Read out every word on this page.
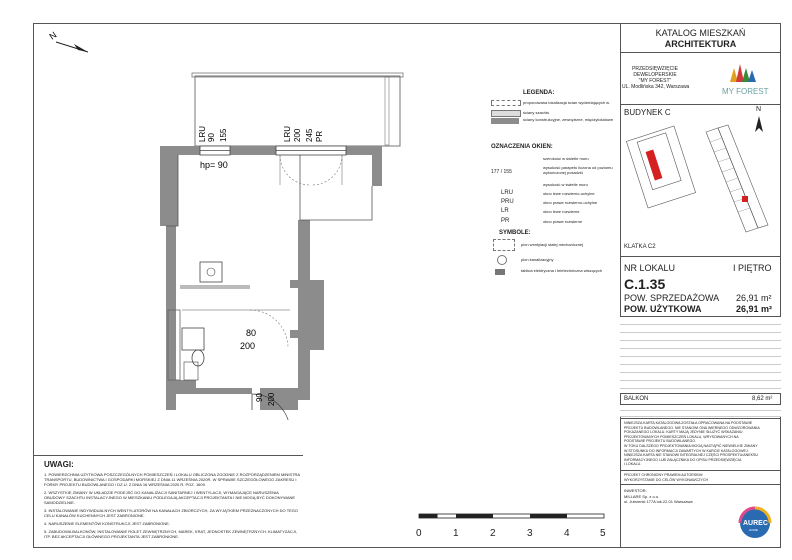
N
LRU 90 155
hp= 90
LRU 200 245 PR
80
200
90 200
LEGENDA:
proponowana lokalizacja ścian wydzielających w.
ściany szachtu
ściany konstrukcyjne, zewnętrzne, międzylokalowe
OZNACZENIA OKIEN:
szerokość w świetle muru
wysokość parapetu liczona od poziomu wykończonej posadzki
177 / 155
wysokość w świetle muru
LRU	okno lewe rozwierno-uchylne
PRU	okno prawe rozwierno-uchylne
LR	okno lewe rozwierne
PR	okno prawe rozwierne
SYMBOLE:
pion wentylacji stałej mechanicznej
pion kanalizacyjny
tablica elektryczna i teletechniczna wiszących
0	1	2	3	4	5
UWAGI:
1. POWIERZCHNIA UŻYTKOWA POSZCZEGÓLNYCH POMIESZCZEŃ I LOKALU OBLICZONA ZGODNIE Z ROZPORZĄDZENIEM MINISTRA TRANSPORTU, BUDOWNICTWA I GOSPODARKI MORSKIEJ Z DNIA 11 WRZEŚNIA 2020R. W SPRAWIE SZCZEGÓŁOWEGO ZAKRESU I FORMY PROJEKTU BUDOWLANEGO / DZ.U. Z DNIA 16 WRZEŚNIA 2020 R. POZ. 1609.
2. WSZYSTKIE ZMIANY W UKŁADZIE PODEJŚĆ DO KANALIZACJI SANITARNEJ I WENTYLACJI, WYMAGAJĄCE NARUSZENIA OBUDOWY SZACHTU INSTALACYJNEGO W MIESZKANIU PODLEGAJĄ AKCEPTACJI PROJEKTANTA I NIE MOGĄ BYĆ DOKONYWANE SAMODZIELNIE.
3. INSTALOWANIE INDYWIDUALNYCH WENTYLATORÓW NA KANAŁACH ZBIORCZYCH, ZA WYJĄTKIEM PRZEZNACZONYCH DO TEGO CELU KANAŁÓW KUCHENNYCH JEST ZABRONIONE.
4. NARUSZENIE ELEMENTÓW KONSTRUKCJI JEST ZABRONIONE.
5. ZABUDOWA BALKONÓW, INSTALOWANIE ROLET ZEWNĘTRZNYCH, MAREK, KRAT, JEDNOSTEK ZEWNĘTRZNYCH, KLIMATYZACJI, ITP. BEZ AKCEPTACJI GŁÓWNEGO PROJEKTANTA JEST ZABRONIONE.
KATALOG MIESZKAŃ
ARCHITEKTURA
PRZEDSIĘWZIĘCIE
DEWELOPERSKIE
"MY FOREST"
UL. Modlińska 342, Warszawa	MY FOREST
BUDYNEK C	N
KLATKA C2
NR LOKALU	I PIĘTRO
C.1.35
POW. SPRZEDAŻOWA 26,91 m²
POW. UŻYTKOWA	26,91 m²
BALKON	8,62 m²
NINIEJSZA KARTA KATALOGOWA ZOSTAŁA OPRACOWANA NA PODSTAWIE
PROJEKTU BUDOWLANEGO. NIE STANOWI ONA WIERNEGO ODWZOROWANIA
POKAZANEGO LOKALU. KARTY MAJĄ JEDYNIE SŁUŻYĆ WSKAZANIU
PROJEKTOWANYCH POMIESZCZEŃ LOKALU, WRYSOWANYCH NA
PODSTAWIE PROJEKTU BUDOWLANEGO.
W TOKU DALSZEGO PROJEKTOWANIA MOGĄ NASTĄPIĆ NIEWIELKIE ZMIANY
W STOSUNKU DO INFORMACJI ZAWARTYCH W KARCIE KATALOGOWEJ.
NINIEJSZA KARTA NIE STANOWI INTEGRALNEJ CZĘŚCI PROSPEKTU/ANEKSU
INFORMACYJNEGO LUB ZAŁĄCZNIKA DO OPISU PRZEDSIĘWZIĘCIA
I LOKALU.
PROJEKT CHRONIONY PRAWEM AUTORSKIM
WYKORZYSTANIE DO CELÓW WYKONAWCZYCH
INWESTOR:
MILLARE Sp. z o.o.
ul. Jutrzenki 177A lok.22.01 Warszawa
AUREC
HOME
